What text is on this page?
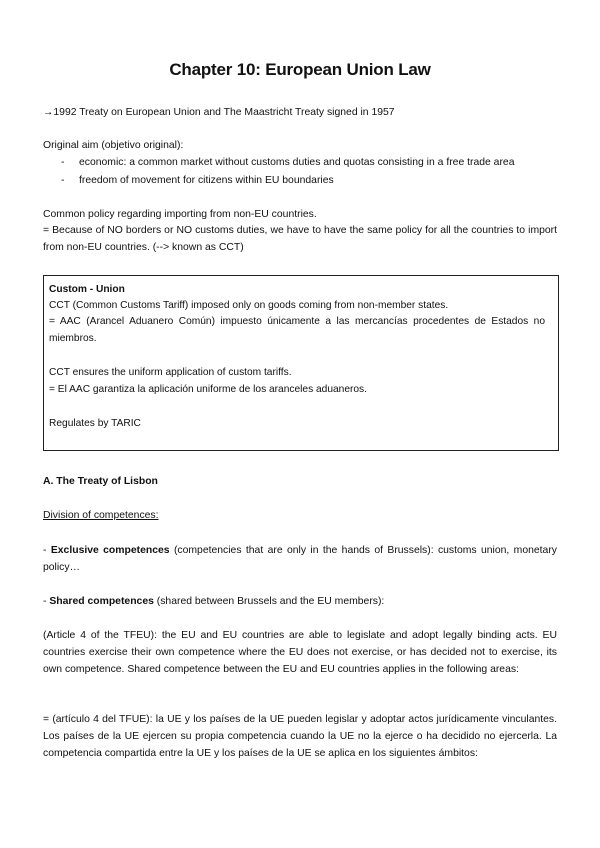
Chapter 10: European Union Law
→1992 Treaty on European Union and The Maastricht Treaty signed in 1957
Original aim (objetivo original):
- economic: a common market without customs duties and quotas consisting in a free trade area
- freedom of movement for citizens within EU boundaries
Common policy regarding importing from non-EU countries.
= Because of NO borders or NO customs duties, we have to have the same policy for all the countries to import from non-EU countries. (--> known as CCT)
Custom - Union
CCT (Common Customs Tariff) imposed only on goods coming from non-member states.
= AAC (Arancel Aduanero Común) impuesto únicamente a las mercancías procedentes de Estados no miembros.
CCT ensures the uniform application of custom tariffs.
= El AAC garantiza la aplicación uniforme de los aranceles aduaneros.
Regulates by TARIC
A. The Treaty of Lisbon
Division of competences:
- Exclusive competences (competencies that are only in the hands of Brussels): customs union, monetary policy…
- Shared competences (shared between Brussels and the EU members):
(Article 4 of the TFEU): the EU and EU countries are able to legislate and adopt legally binding acts. EU countries exercise their own competence where the EU does not exercise, or has decided not to exercise, its own competence. Shared competence between the EU and EU countries applies in the following areas:
= (artículo 4 del TFUE): la UE y los países de la UE pueden legislar y adoptar actos jurídicamente vinculantes. Los países de la UE ejercen su propia competencia cuando la UE no la ejerce o ha decidido no ejercerla. La competencia compartida entre la UE y los países de la UE se aplica en los siguientes ámbitos:
